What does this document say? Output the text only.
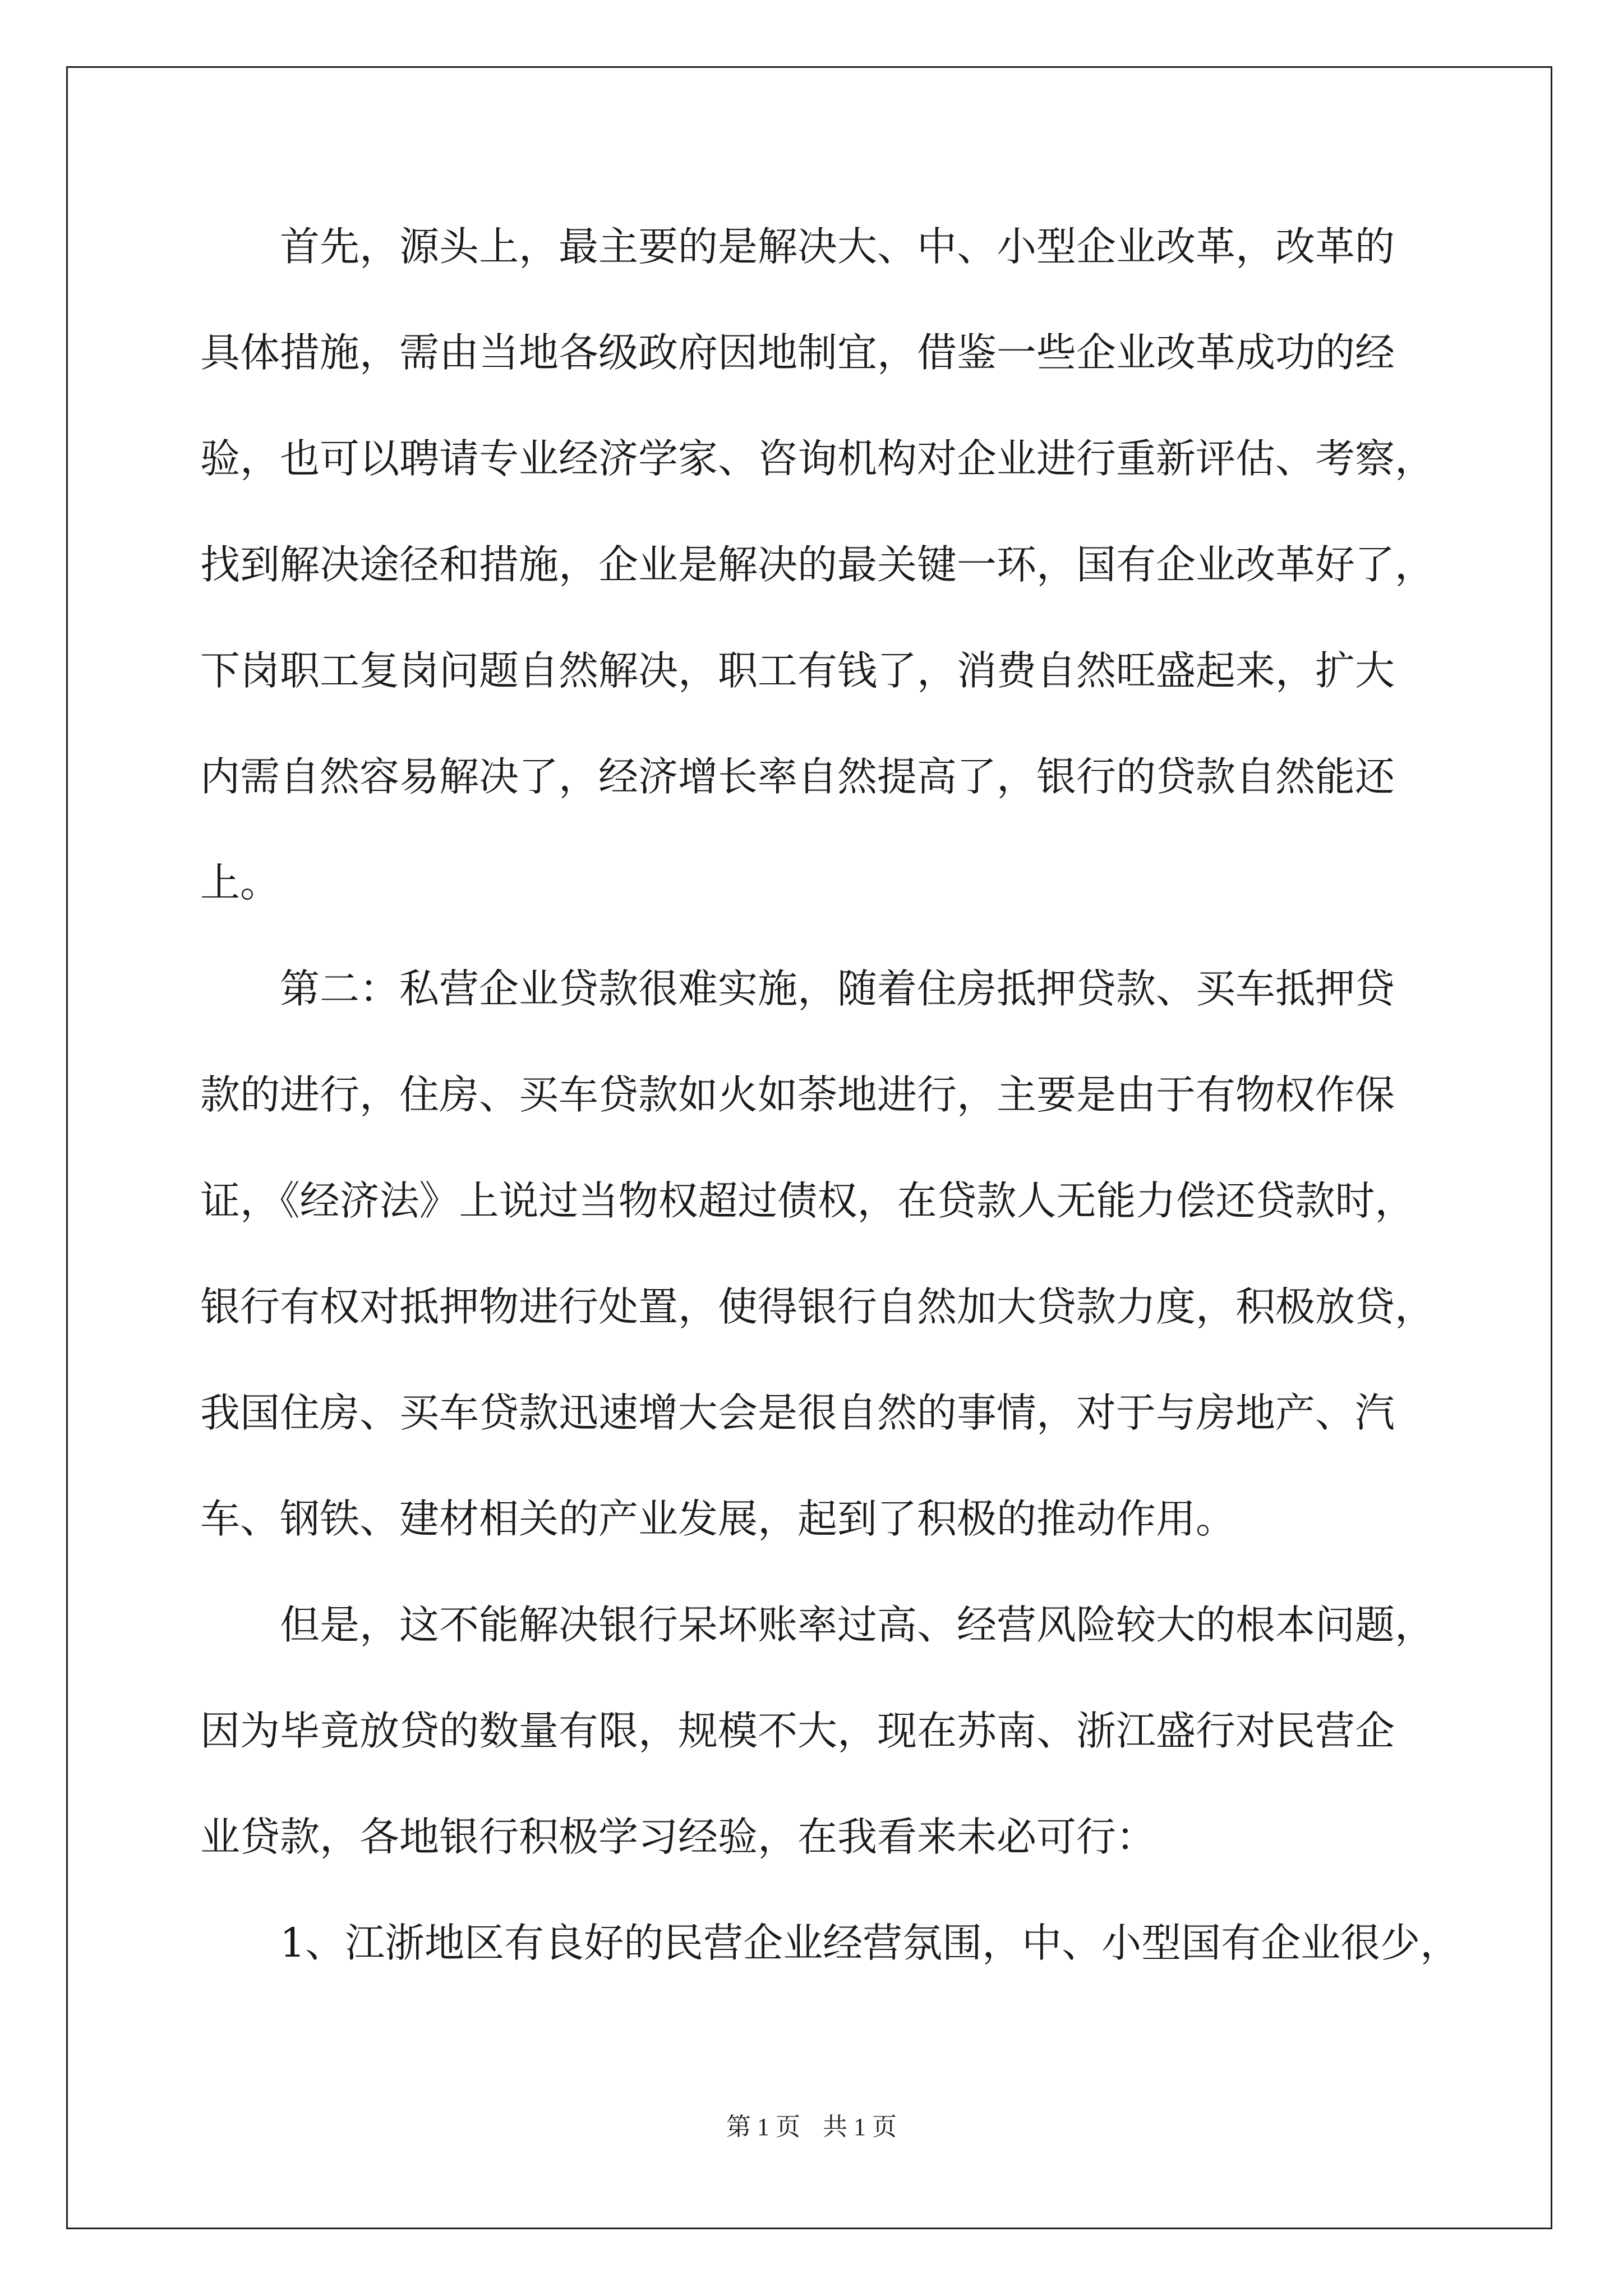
首先，源头上，最主要的是解决大、中、小型企业改革，改革的
具体措施，需由当地各级政府因地制宜，借鉴一些企业改革成功的经
验，也可以聘请专业经济学家、咨询机构对企业进行重新评估、考察，
找到解决途径和措施，企业是解决的最关键一环，国有企业改革好了，
下岗职工复岗问题自然解决，职工有钱了，消费自然旺盛起来，扩大
内需自然容易解决了，经济增长率自然提高了，银行的贷款自然能还
上。
第二：私营企业贷款很难实施，随着住房抵押贷款、买车抵押贷
款的进行，住房、买车贷款如火如荼地进行，主要是由于有物权作保
证，《经济法》上说过当物权超过债权，在贷款人无能力偿还贷款时，
银行有权对抵押物进行处置，使得银行自然加大贷款力度，积极放贷，
我国住房、买车贷款迅速增大会是很自然的事情，对于与房地产、汽
车、钢铁、建材相关的产业发展，起到了积极的推动作用。
但是，这不能解决银行呆坏账率过高、经营风险较大的根本问题，
因为毕竟放贷的数量有限，规模不大，现在苏南、浙江盛行对民营企
业贷款，各地银行积极学习经验，在我看来未必可行：
1、江浙地区有良好的民营企业经营氛围，中、小型国有企业很少，
第 1 页 共 1 页
